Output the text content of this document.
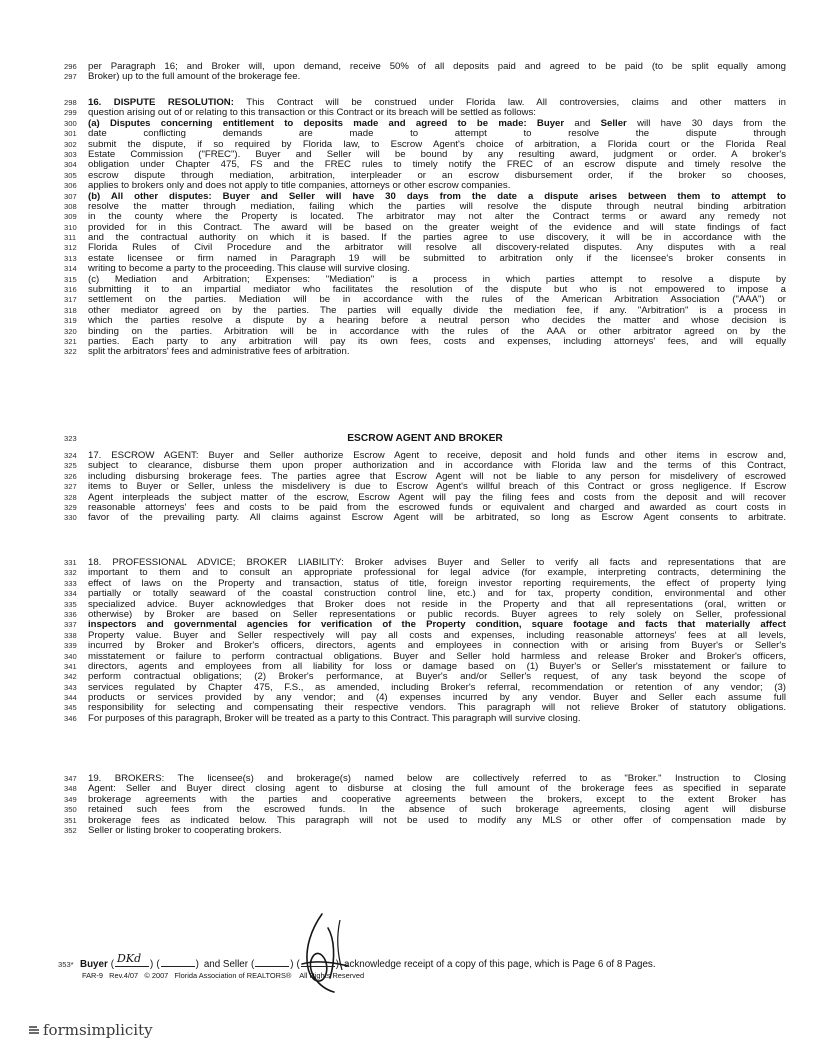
296	per Paragraph 16; and Broker will, upon demand, receive 50% of all deposits paid and agreed to be paid (to be split equally among
297	Broker) up to the full amount of the brokerage fee.
298	16. DISPUTE RESOLUTION: This Contract will be construed under Florida law. All controversies, claims and other matters in
299	question arising out of or relating to this transaction or this Contract or its breach will be settled as follows:
300	(a) Disputes concerning entitlement to deposits made and agreed to be made: Buyer and Seller will have 30 days from the
301	date conflicting demands are made to attempt to resolve the dispute through
302	submit the dispute, if so required by Florida law, to Escrow Agent's choice of arbitration, a Florida court or the Florida Real
303	Estate Commission ("FREC"). Buyer and Seller will be bound by any resulting award, judgment or order. A broker's
304	obligation under Chapter 475, FS and the FREC rules to timely notify the FREC of an escrow dispute and timely resolve the
305	escrow dispute through mediation, arbitration, interpleader or an escrow disbursement order, if the broker so chooses,
306	applies to brokers only and does not apply to title companies, attorneys or other escrow companies.
307	(b) All other disputes: Buyer and Seller will have 30 days from the date a dispute arises between them to attempt to
308	resolve the matter through mediation, failing which the parties will resolve the dispute through neutral binding arbitration
309	in the county where the Property is located. The arbitrator may not alter the Contract terms or award any remedy not
310	provided for in this Contract. The award will be based on the greater weight of the evidence and will state findings of fact
311	and the contractual authority on which it is based. If the parties agree to use discovery, it will be in accordance with the
312	Florida Rules of Civil Procedure and the arbitrator will resolve all discovery-related disputes. Any disputes with a real
313	estate licensee or firm named in Paragraph 19 will be submitted to arbitration only if the licensee's broker consents in
314	writing to become a party to the proceeding. This clause will survive closing.
315	(c) Mediation and Arbitration; Expenses: "Mediation" is a process in which parties attempt to resolve a dispute by
316	submitting it to an impartial mediator who facilitates the resolution of the dispute but who is not empowered to impose a
317	settlement on the parties. Mediation will be in accordance with the rules of the American Arbitration Association ("AAA") or
318	other mediator agreed on by the parties. The parties will equally divide the mediation fee, if any. "Arbitration" is a process in
319	which the parties resolve a dispute by a hearing before a neutral person who decides the matter and whose decision is
320	binding on the parties. Arbitration will be in accordance with the rules of the AAA or other arbitrator agreed on by the
321	parties. Each party to any arbitration will pay its own fees, costs and expenses, including attorneys' fees, and will equally
322	split the arbitrators' fees and administrative fees of arbitration.
323	ESCROW AGENT AND BROKER
324	17. ESCROW AGENT: Buyer and Seller authorize Escrow Agent to receive, deposit and hold funds and other items in escrow and,
325	subject to clearance, disburse them upon proper authorization and in accordance with Florida law and the terms of this Contract,
326	including disbursing brokerage fees. The parties agree that Escrow Agent will not be liable to any person for misdelivery of escrowed
327	items to Buyer or Seller, unless the misdelivery is due to Escrow Agent's willful breach of this Contract or gross negligence. If Escrow
328	Agent interpleads the subject matter of the escrow, Escrow Agent will pay the filing fees and costs from the deposit and will recover
329	reasonable attorneys' fees and costs to be paid from the escrowed funds or equivalent and charged and awarded as court costs in
330	favor of the prevailing party. All claims against Escrow Agent will be arbitrated, so long as Escrow Agent consents to arbitrate.
331	18. PROFESSIONAL ADVICE; BROKER LIABILITY: Broker advises Buyer and Seller to verify all facts and representations that are
332	important to them and to consult an appropriate professional for legal advice (for example, interpreting contracts, determining the
333	effect of laws on the Property and transaction, status of title, foreign investor reporting requirements, the effect of property lying
334	partially or totally seaward of the coastal construction control line, etc.) and for tax, property condition, environmental and other
335	specialized advice. Buyer acknowledges that Broker does not reside in the Property and that all representations (oral, written or
336	otherwise) by Broker are based on Seller representations or public records. Buyer agrees to rely solely on Seller, professional
337	inspectors and governmental agencies for verification of the Property condition, square footage and facts that materially affect
338	Property value. Buyer and Seller respectively will pay all costs and expenses, including reasonable attorneys' fees at all levels,
339	incurred by Broker and Broker's officers, directors, agents and employees in connection with or arising from Buyer's or Seller's
340	misstatement or failure to perform contractual obligations. Buyer and Seller hold harmless and release Broker and Broker's officers,
341	directors, agents and employees from all liability for loss or damage based on (1) Buyer's or Seller's misstatement or failure to
342	perform contractual obligations; (2) Broker's performance, at Buyer's and/or Seller's request, of any task beyond the scope of
343	services regulated by Chapter 475, F.S., as amended, including Broker's referral, recommendation or retention of any vendor; (3)
344	products or services provided by any vendor; and (4) expenses incurred by any vendor. Buyer and Seller each assume full
345	responsibility for selecting and compensating their respective vendors. This paragraph will not relieve Broker of statutory obligations.
346	For purposes of this paragraph, Broker will be treated as a party to this Contract. This paragraph will survive closing.
347	19. BROKERS: The licensee(s) and brokerage(s) named below are collectively referred to as "Broker." Instruction to Closing
348	Agent: Seller and Buyer direct closing agent to disburse at closing the full amount of the brokerage fees as specified in separate
349	brokerage agreements with the parties and cooperative agreements between the brokers, except to the extent Broker has
350	retained such fees from the escrowed funds. In the absence of such brokerage agreements, closing agent will disburse
351	brokerage fees as indicated below. This paragraph will not be used to modify any MLS or other offer of compensation made by
352	Seller or listing broker to cooperating brokers.
353* Buyer ( DKd ) (	) and Seller (	) (	) acknowledge receipt of a copy of this page, which is Page 6 of 8 Pages.
FAR-9 Rev.4/07 © 2007 Florida Association of REALTORS® All Rights Reserved
formsimplicity
